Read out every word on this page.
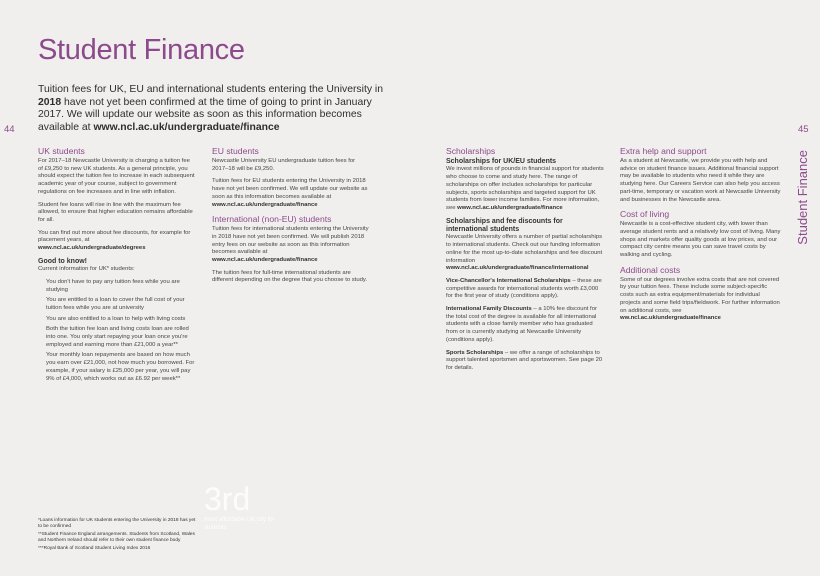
Student Finance

Tuition fees for UK, EU and international students entering the University in 2018 have not yet been confirmed at the time of going to print in January 2017. We will update our website as soon as this information becomes available at www.ncl.ac.uk/undergraduate/finance

44	45
Student Finance
UK students
For 2017–18 Newcastle University is charging a tuition fee of £9,250 to new UK students. As a general principle, you should expect the tuition fee to increase in each subsequent academic year of your course, subject to government regulations on fee increases and in line with inflation.
Student fee loans will rise in line with the maximum fee allowed, to ensure that higher education remains affordable for all.
You can find out more about fee discounts, for example for placement years, at www.ncl.ac.uk/undergraduate/degrees
Good to know!
Current information for UK* students:
You don't have to pay any tuition fees while you are studying
You are entitled to a loan to cover the full cost of your tuition fees while you are at university
You are also entitled to a loan to help with living costs
Both the tuition fee loan and living costs loan are rolled into one. You only start repaying your loan once you're employed and earning more than £21,000 a year**
Your monthly loan repayments are based on how much you earn over £21,000, not how much you borrowed. For example, if your salary is £25,000 per year, you will pay 9% of £4,000, which works out as £6.92 per week**
EU students
Newcastle University EU undergraduate tuition fees for 2017–18 will be £9,250.
Tuition fees for EU students entering the University in 2018 have not yet been confirmed. We will update our website as soon as this information becomes available at www.ncl.ac.uk/undergraduate/finance
International (non-EU) students
Tuition fees for international students entering the University in 2018 have not yet been confirmed. We will publish 2018 entry fees on our website as soon as this information becomes available at www.ncl.ac.uk/undergraduate/finance
The tuition fees for full-time international students are different depending on the degree that you choose to study.
Scholarships
Scholarships for UK/EU students
We invest millions of pounds in financial support for students who choose to come and study here. The range of scholarships on offer includes scholarships for particular subjects, sports scholarships and targeted support for UK students from lower income families. For more information, see www.ncl.ac.uk/undergraduate/finance
Scholarships and fee discounts for international students
Newcastle University offers a number of partial scholarships to international students. Check out our funding information online for the most up-to-date scholarships and fee discount information www.ncl.ac.uk/undergraduate/finance/international
Vice-Chancellor's International Scholarships – these are competitive awards for international students worth £3,000 for the first year of study (conditions apply).
International Family Discounts – a 10% fee discount for the total cost of the degree is available for all international students with a close family member who has graduated from or is currently studying at Newcastle University (conditions apply).
Sports Scholarships – we offer a range of scholarships to support talented sportsmen and sportswomen. See page 20 for details.
Extra help and support
As a student at Newcastle, we provide you with help and advice on student finance issues. Additional financial support may be available to students who need it while they are studying here. Our Careers Service can also help you access part-time, temporary or vacation work at Newcastle University and businesses in the Newcastle area.
Cost of living
Newcastle is a cost-effective student city, with lower than average student rents and a relatively low cost of living. Many shops and markets offer quality goods at low prices, and our compact city centre means you can save travel costs by walking and cycling.
Additional costs
Some of our degrees involve extra costs that are not covered by your tuition fees. These include some subject-specific costs such as extra equipment/materials for individual projects and some field trips/fieldwork. For further information on additional costs, see ww.ncl.ac.uk/undergraduate/finance
3rd
most affordable UK city for students
*Loans information for UK students entering the University in 2018 has yet to be confirmed
**Student Finance England arrangements. Students from Scotland, Wales and Northern Ireland should refer to their own student finance body
***Royal Bank of Scotland Student Living Index 2016
